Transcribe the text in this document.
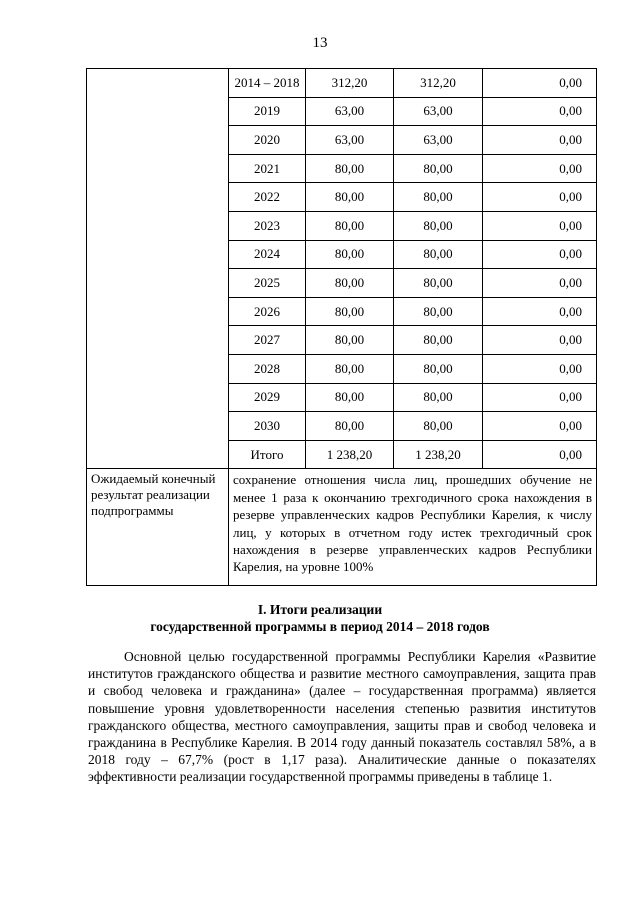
13
	2014 – 2018	312,20	312,20	0,00
	2019	63,00	63,00	0,00
	2020	63,00	63,00	0,00
	2021	80,00	80,00	0,00
	2022	80,00	80,00	0,00
	2023	80,00	80,00	0,00
	2024	80,00	80,00	0,00
	2025	80,00	80,00	0,00
	2026	80,00	80,00	0,00
	2027	80,00	80,00	0,00
	2028	80,00	80,00	0,00
	2029	80,00	80,00	0,00
	2030	80,00	80,00	0,00
	Итого	1 238,20	1 238,20	0,00
Ожидаемый конечный результат реализации подпрограммы	сохранение отношения числа лиц, прошедших обучение не менее 1 раза к окончанию трехгодичного срока нахождения в резерве управленческих кадров Республики Карелия, к числу лиц, у которых в отчетном году истек трехгодичный срок нахождения в резерве управленческих кадров Республики Карелия, на уровне 100%			
I. Итоги реализации
государственной программы в период 2014 – 2018 годов

Основной целью государственной программы Республики Карелия «Развитие институтов гражданского общества и развитие местного самоуправления, защита прав и свобод человека и гражданина» (далее – государственная программа) является повышение уровня удовлетворенности населения степенью развития институтов гражданского общества, местного самоуправления, защиты прав и свобод человека и гражданина в Республике Карелия. В 2014 году данный показатель составлял 58%, а в 2018 году – 67,7% (рост в 1,17 раза). Аналитические данные о показателях эффективности реализации государственной программы приведены в таблице 1.
